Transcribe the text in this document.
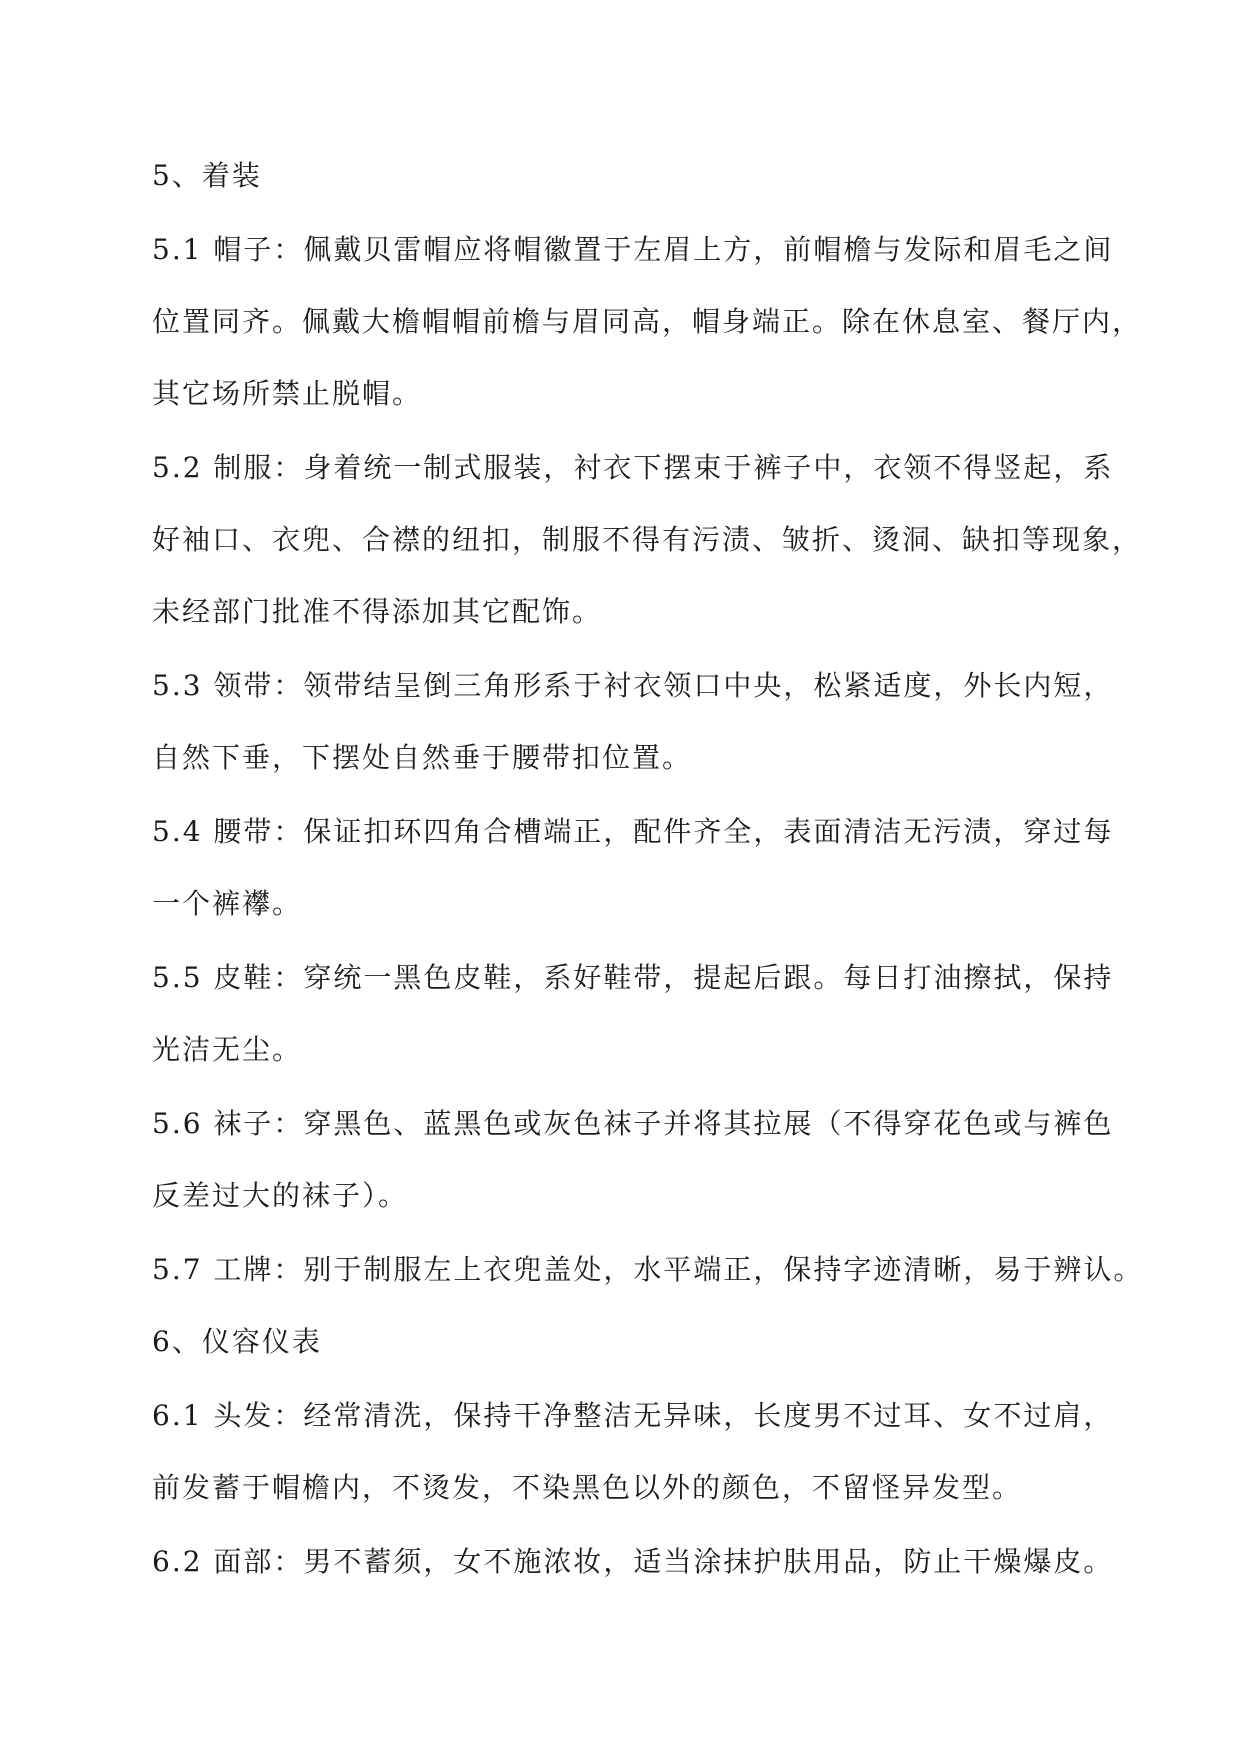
5、着装

5.1 帽子：佩戴贝雷帽应将帽徽置于左眉上方，前帽檐与发际和眉毛之间

位置同齐。佩戴大檐帽帽前檐与眉同高，帽身端正。除在休息室、餐厅内，

其它场所禁止脱帽。

5.2 制服：身着统一制式服装，衬衣下摆束于裤子中，衣领不得竖起，系

好袖口、衣兜、合襟的纽扣，制服不得有污渍、皱折、烫洞、缺扣等现象，

未经部门批准不得添加其它配饰。

5.3 领带：领带结呈倒三角形系于衬衣领口中央，松紧适度，外长内短，

自然下垂，下摆处自然垂于腰带扣位置。

5.4 腰带：保证扣环四角合槽端正，配件齐全，表面清洁无污渍，穿过每

一个裤襻。

5.5 皮鞋：穿统一黑色皮鞋，系好鞋带，提起后跟。每日打油擦拭，保持

光洁无尘。

5.6 袜子：穿黑色、蓝黑色或灰色袜子并将其拉展（不得穿花色或与裤色

反差过大的袜子）。

5.7 工牌：别于制服左上衣兜盖处，水平端正，保持字迹清晰，易于辨认。

6、仪容仪表

6.1 头发：经常清洗，保持干净整洁无异味，长度男不过耳、女不过肩，

前发蓄于帽檐内，不烫发，不染黑色以外的颜色，不留怪异发型。

6.2 面部：男不蓄须，女不施浓妆，适当涂抹护肤用品，防止干燥爆皮。
